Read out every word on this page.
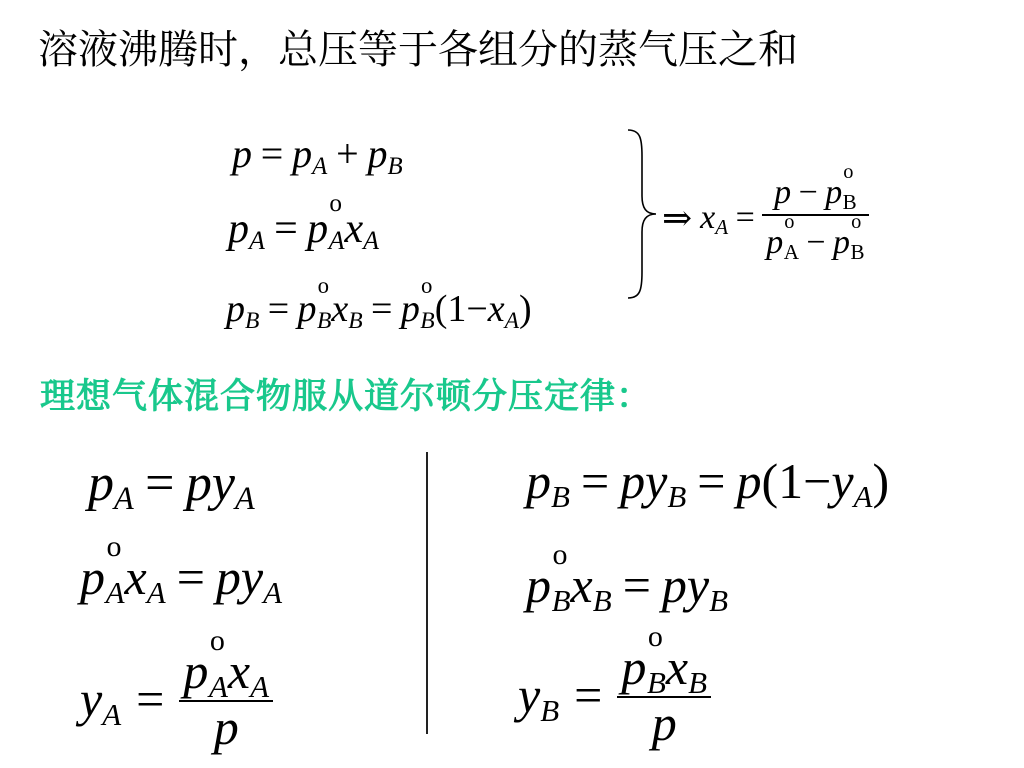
溶液沸腾时，总压等于各组分的蒸气压之和
p = pA + pB
pA = p
o
AxA
pB = p
o
BxB = p
o
B(1−xA)
⇒ xA = p − p
o
B
p
o
A − p
o
B
理想气体混合物服从道尔顿分压定律：
pA = pyA
p
o
AxA = pyA
yA = p
o
AxA
p
pB = pyB = p(1−yA)
p
o
BxB = pyB
yB = p
o
BxB
p
